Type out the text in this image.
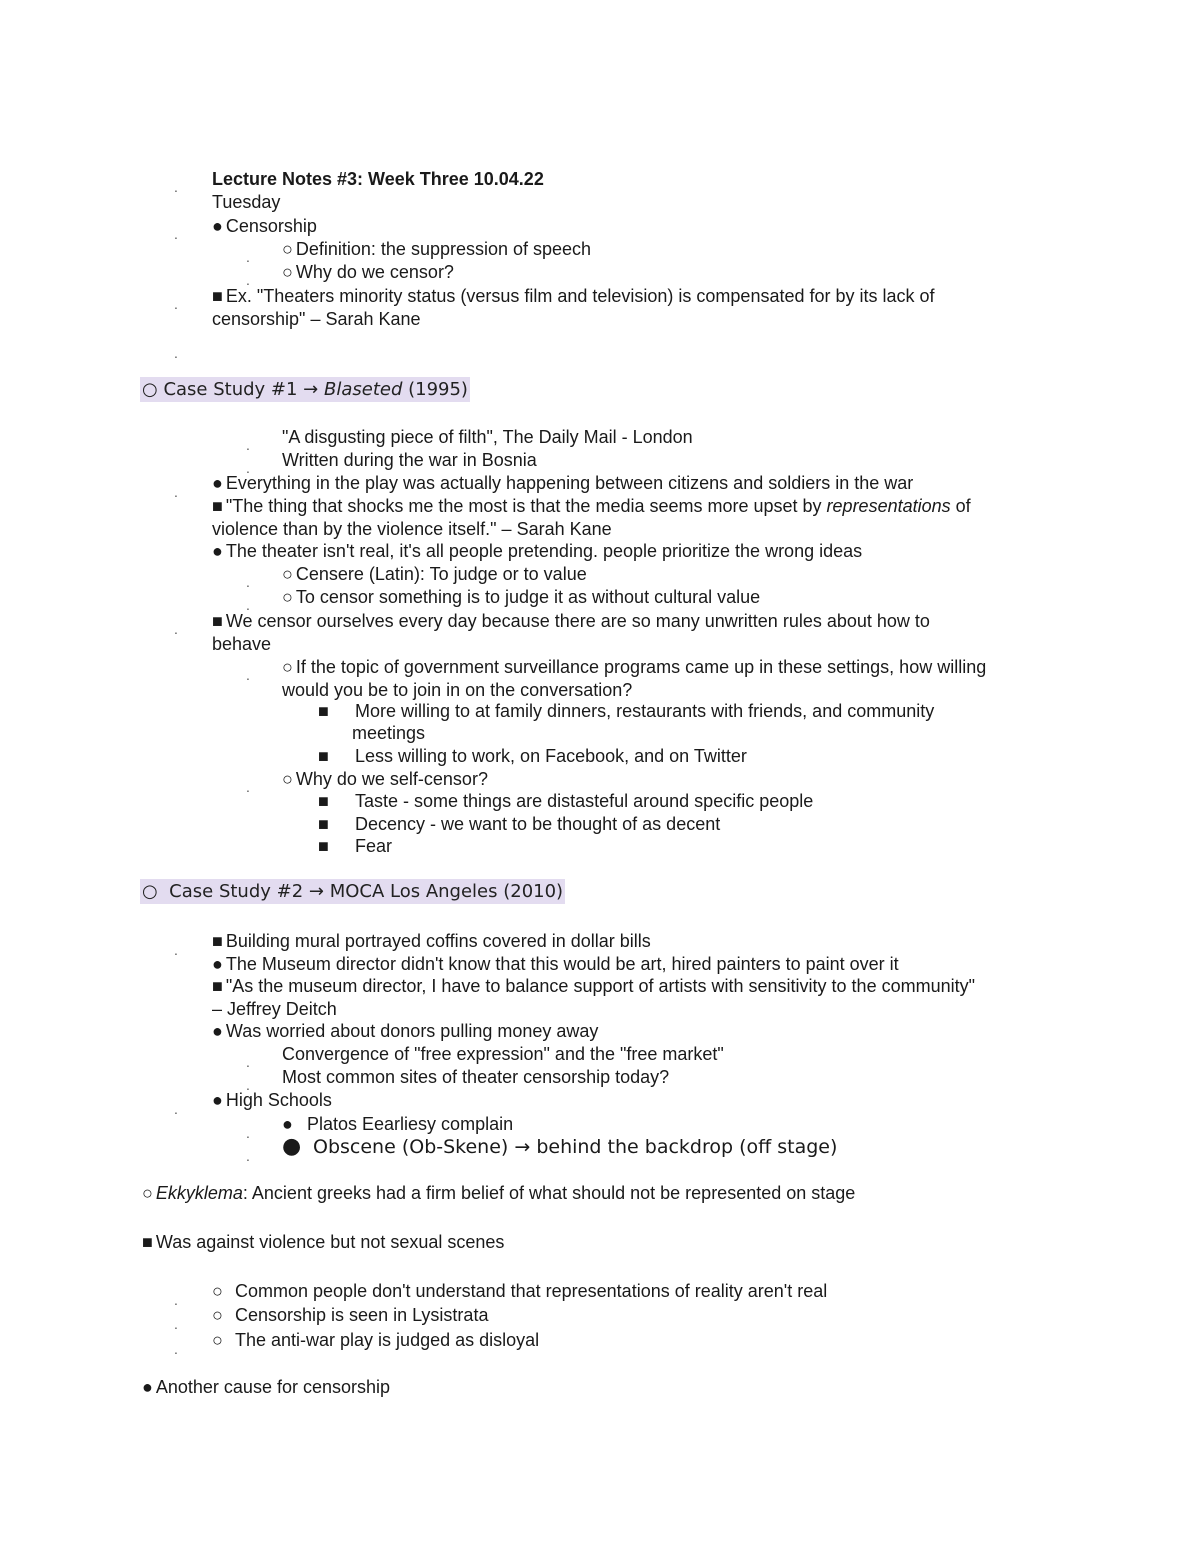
. Lecture Notes #3: Week Three 10.04.22
Tuesday
. ● Censorship
. ○ Definition: the suppression of speech
. ○ Why do we censor?
. ■ Ex. "Theaters minority status (versus film and television) is compensated for by its lack of
censorship" – Sarah Kane
.
○ Case Study #1 → Blaseted (1995)
. "A disgusting piece of filth", The Daily Mail - London
. Written during the war in Bosnia
. ● Everything in the play was actually happening between citizens and soldiers in the war
■ "The thing that shocks me the most is that the media seems more upset by representations of
violence than by the violence itself." – Sarah Kane
● The theater isn't real, it's all people pretending. people prioritize the wrong ideas
. ○ Censere (Latin): To judge or to value
. ○ To censor something is to judge it as without cultural value
. ■ We censor ourselves every day because there are so many unwritten rules about how to
behave
. ○ If the topic of government surveillance programs came up in these settings, how willing
would you be to join in on the conversation?
■ More willing to at family dinners, restaurants with friends, and community
meetings
■ Less willing to work, on Facebook, and on Twitter
. ○ Why do we self-censor?
■ Taste - some things are distasteful around specific people
■ Decency - we want to be thought of as decent
■ Fear
○ Case Study #2 → MOCA Los Angeles (2010)
. ■ Building mural portrayed coffins covered in dollar bills
● The Museum director didn't know that this would be art, hired painters to paint over it
■ "As the museum director, I have to balance support of artists with sensitivity to the community"
– Jeffrey Deitch
● Was worried about donors pulling money away
. Convergence of "free expression" and the "free market"
. Most common sites of theater censorship today?
. ● High Schools
. ● Platos Eearliesy complain
. ● Obscene (Ob-Skene) → behind the backdrop (off stage)
○ Ekkyklema: Ancient greeks had a firm belief of what should not be represented on stage
■ Was against violence but not sexual scenes
. ○ Common people don't understand that representations of reality aren't real
. ○ Censorship is seen in Lysistrata
. ○ The anti-war play is judged as disloyal
● Another cause for censorship
